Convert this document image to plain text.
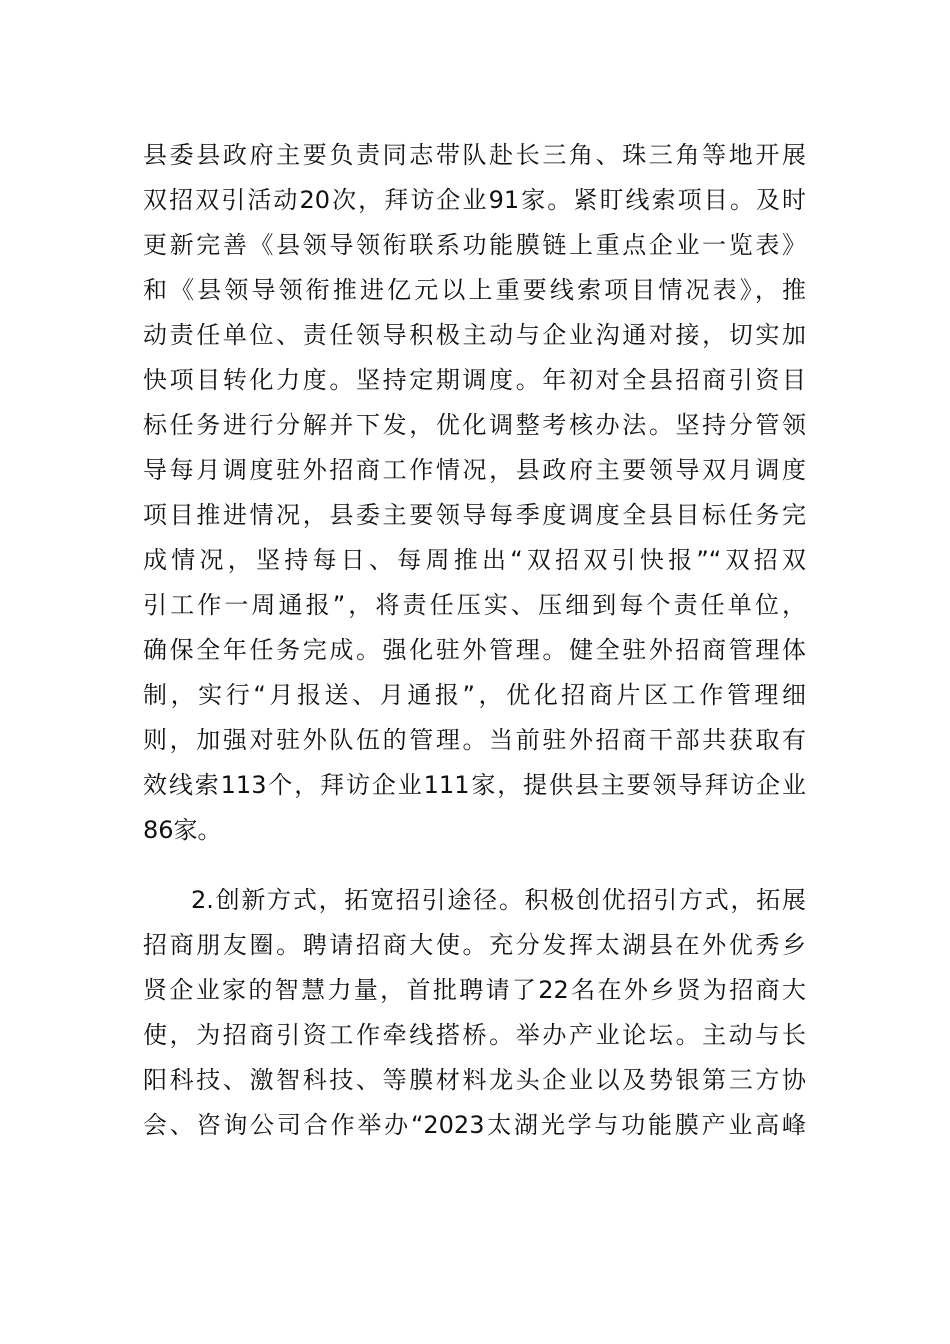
县委县政府主要负责同志带队赴长三角、珠三角等地开展
双招双引活动20次，拜访企业91家。紧盯线索项目。及时
更新完善《县领导领衔联系功能膜链上重点企业一览表》
和《县领导领衔推进亿元以上重要线索项目情况表》，推
动责任单位、责任领导积极主动与企业沟通对接，切实加
快项目转化力度。坚持定期调度。年初对全县招商引资目
标任务进行分解并下发，优化调整考核办法。坚持分管领
导每月调度驻外招商工作情况，县政府主要领导双月调度
项目推进情况，县委主要领导每季度调度全县目标任务完
成情况，坚持每日、每周推出“双招双引快报”“双招双
引工作一周通报”，将责任压实、压细到每个责任单位，
确保全年任务完成。强化驻外管理。健全驻外招商管理体
制，实行“月报送、月通报”，优化招商片区工作管理细
则，加强对驻外队伍的管理。当前驻外招商干部共获取有
效线索113个，拜访企业111家，提供县主要领导拜访企业
86家。
2.创新方式，拓宽招引途径。积极创优招引方式，拓展
招商朋友圈。聘请招商大使。充分发挥太湖县在外优秀乡
贤企业家的智慧力量，首批聘请了22名在外乡贤为招商大
使，为招商引资工作牵线搭桥。举办产业论坛。主动与长
阳科技、激智科技、等膜材料龙头企业以及势银第三方协
会、咨询公司合作举办“2023太湖光学与功能膜产业高峰
